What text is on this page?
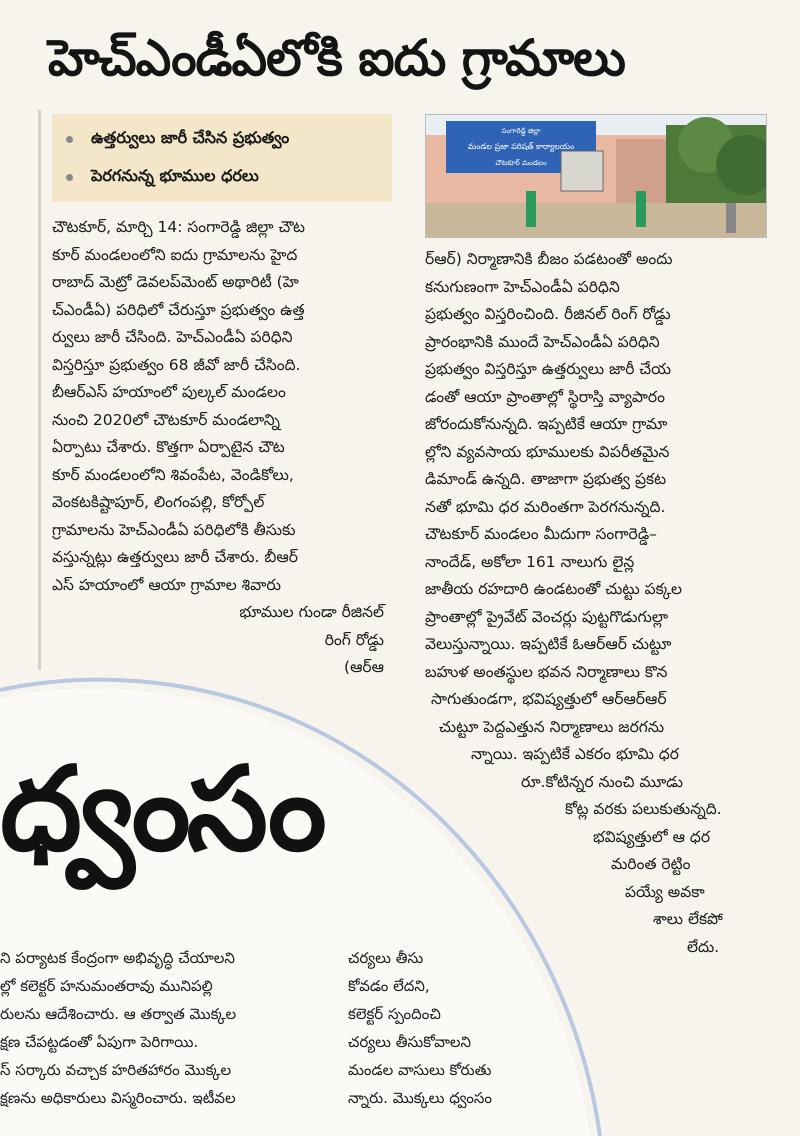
హెచ్‌ఎండీఏలోకి ఐదు గ్రామాలు
ఉత్తర్వులు జారీ చేసిన ప్రభుత్వం
పెరగనున్న భూముల ధరలు
సంగారెడ్డి జిల్లా
మండల ప్రజా పరిషత్ కార్యాలయం
చౌటకూర్ మండలం

చౌటకూర్, మార్చి 14: సంగారెడ్డి జిల్లా చౌట

కూర్ మండలంలోని ఐదు గ్రామాలను హైద

రాబాద్ మెట్రో డెవలప్‌మెంట్ అథారిటీ (హె

చ్‌ఎండీఏ) పరిధిలో చేరుస్తూ ప్రభుత్వం ఉత్త

ర్వులు జారీ చేసింది. హెచ్‌ఎండీఏ పరిధిని

విస్తరిస్తూ ప్రభుత్వం 68 జీవో జారీ చేసింది.

బీఆర్ఎస్ హయాంలో పుల్కల్ మండలం

నుంచి 2020లో చౌటకూర్ మండలాన్ని

ఏర్పాటు చేశారు. కొత్తగా ఏర్పాటైన చౌట

కూర్ మండలంలోని శివంపేట, వెండికోలు,

వెంకటకిష్టాపూర్, లింగంపల్లి, కోర్పోల్

గ్రామాలను హెచ్‌ఎండీఏ పరిధిలోకి తీసుకు

వస్తున్నట్లు ఉత్తర్వులు జారీ చేశారు. బీఆర్

ఎస్ హయాంలో ఆయా గ్రామాల శివారు

భూముల గుండా రీజినల్

రింగ్ రోడ్డు

(ఆర్ఆ

ర్ఆర్) నిర్మాణానికి బీజం పడటంతో అందు

కనుగుణంగా హెచ్‌ఎండీఏ పరిధిని

ప్రభుత్వం విస్తరించింది. రీజినల్ రింగ్ రోడ్డు

ప్రారంభానికి ముందే హెచ్‌ఎండీఏ పరిధిని

ప్రభుత్వం విస్తరిస్తూ ఉత్తర్వులు జారీ చేయ

డంతో ఆయా ప్రాంతాల్లో స్థిరాస్తి వ్యాపారం

జోరందుకోనున్నది. ఇప్పటికే ఆయా గ్రామా

ల్లోని వ్యవసాయ భూములకు విపరీతమైన

డిమాండ్ ఉన్నది. తాజాగా ప్రభుత్వ ప్రకట

నతో భూమి ధర మరింతగా పెరగనున్నది.

చౌటకూర్ మండలం మీదుగా సంగారెడ్డి–

నాందేడ్, అకోలా 161 నాలుగు లైన్ల

జాతీయ రహదారి ఉండటంతో చుట్టు పక్కల

ప్రాంతాల్లో ప్రైవేట్ వెంచర్లు పుట్టగొడుగుల్లా

వెలుస్తున్నాయి. ఇప్పటికే ఓఆర్ఆర్ చుట్టూ

బహుళ అంతస్థుల భవన నిర్మాణాలు కొన

సాగుతుండగా, భవిష్యత్తులో ఆర్ఆర్ఆర్

చుట్టూ పెద్దఎత్తున నిర్మాణాలు జరగను

న్నాయి. ఇప్పటికే ఎకరం భూమి ధర

రూ.కోటిన్నర నుంచి మూడు

కోట్ల వరకు పలుకుతున్నది.

భవిష్యత్తులో ఆ ధర

మరింత రెట్టిం

పయ్యే అవకా

శాలు లేకపో

లేదు.

ధ్వంసం

ని పర్యాటక కేంద్రంగా అభివృద్ధి చేయాలని

ల్లో కలెక్టర్ హనుమంతరావు మునిపల్లి

రులను ఆదేశించారు. ఆ తర్వాత మొక్కల

క్షణ చేపట్టడంతో ఏపుగా పెరిగాయి.

స్ సర్కారు వచ్చాక హరితహారం మొక్కల

క్షణను అధికారులు విస్మరించారు. ఇటీవల

చర్యలు తీసు

కోవడం లేదని,

కలెక్టర్ స్పందించి

చర్యలు తీసుకోవాలని

మండల వాసులు కోరుతు

న్నారు. మొక్కలు ధ్వంసం
